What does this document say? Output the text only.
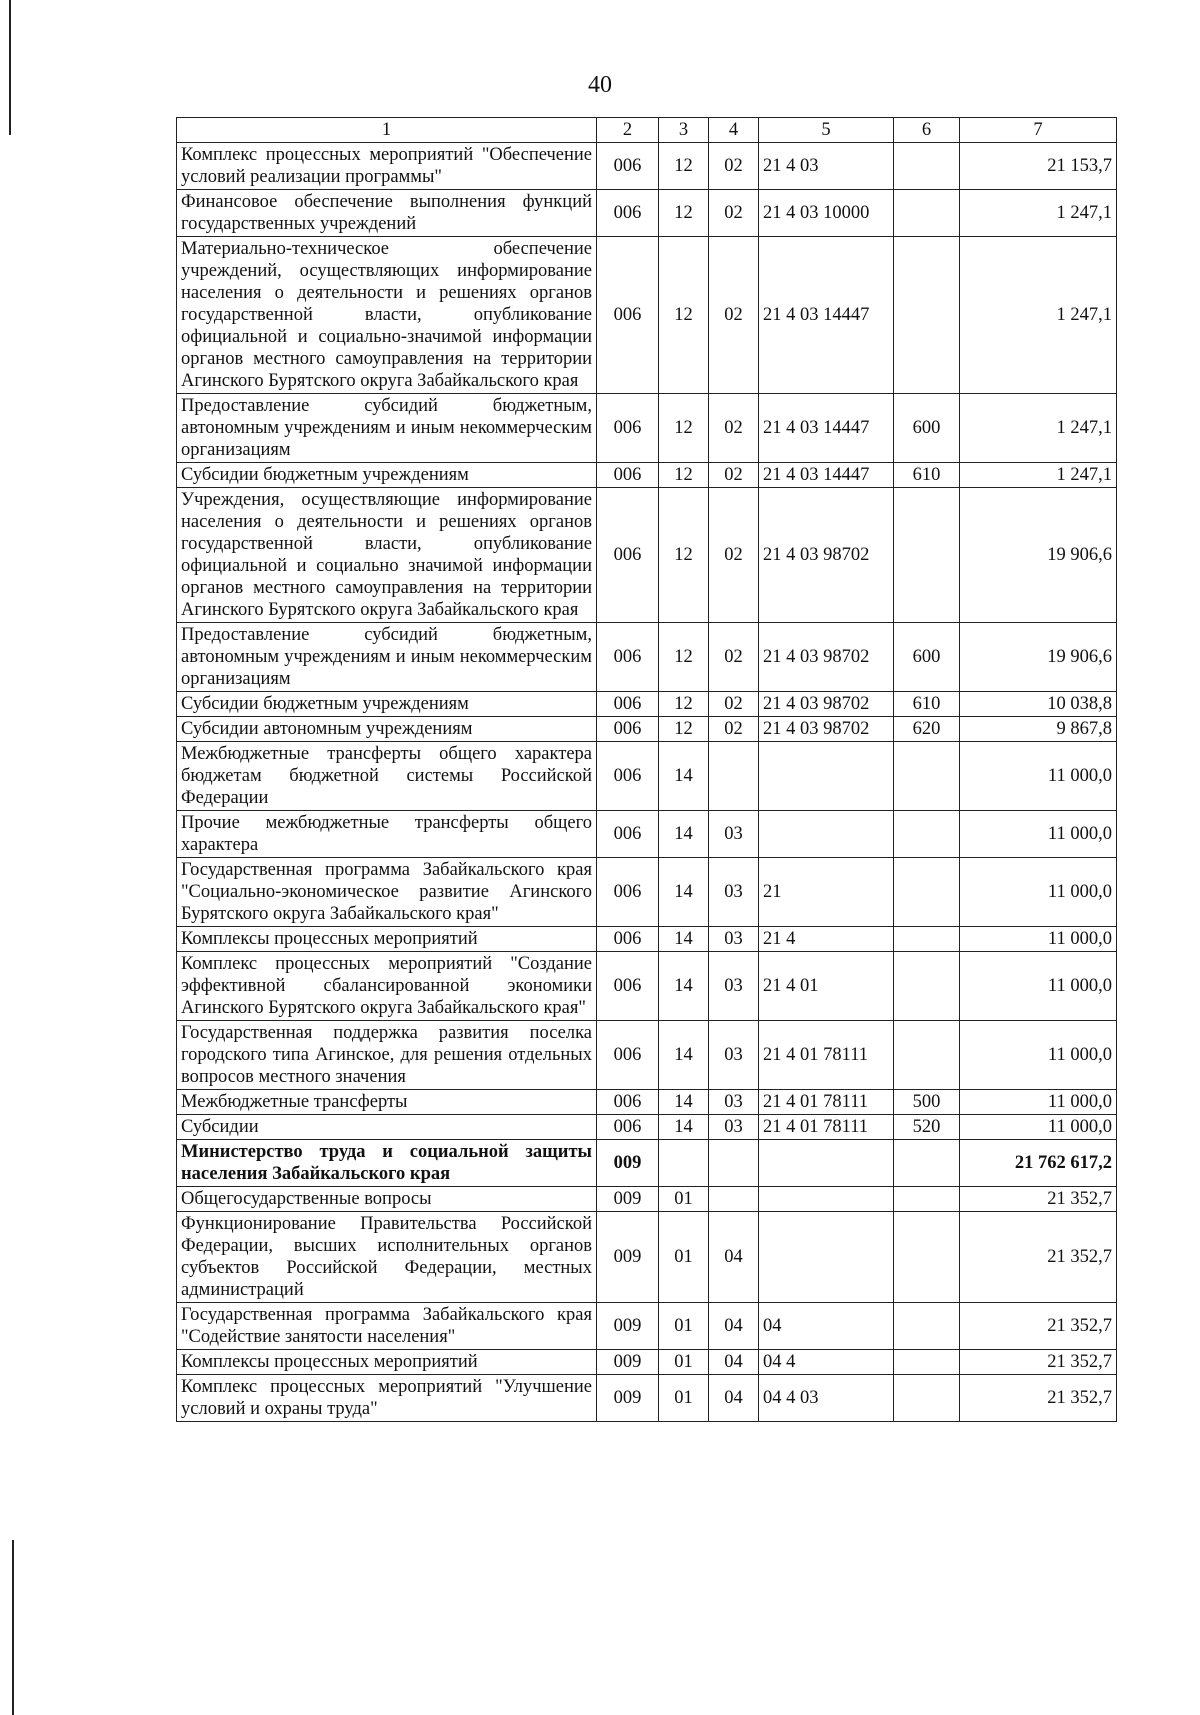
40
1	2	3	4	5	6	7
Комплекс процессных мероприятий "Обеспечение условий реализации программы"	006	12	02	21 4 03		21 153,7
Финансовое обеспечение выполнения функций государственных учреждений	006	12	02	21 4 03 10000		1 247,1
Материально-техническое обеспечение учреждений, осуществляющих информирование населения о деятельности и решениях органов государственной власти, опубликование официальной и социально-значимой информации органов местного самоуправления на территории Агинского Бурятского округа Забайкальского края	006	12	02	21 4 03 14447		1 247,1
Предоставление субсидий бюджетным, автономным учреждениям и иным некоммерческим организациям	006	12	02	21 4 03 14447	600	1 247,1
Субсидии бюджетным учреждениям	006	12	02	21 4 03 14447	610	1 247,1
Учреждения, осуществляющие информирование населения о деятельности и решениях органов государственной власти, опубликование официальной и социально значимой информации органов местного самоуправления на территории Агинского Бурятского округа Забайкальского края	006	12	02	21 4 03 98702		19 906,6
Предоставление субсидий бюджетным, автономным учреждениям и иным некоммерческим организациям	006	12	02	21 4 03 98702	600	19 906,6
Субсидии бюджетным учреждениям	006	12	02	21 4 03 98702	610	10 038,8
Субсидии автономным учреждениям	006	12	02	21 4 03 98702	620	9 867,8
Межбюджетные трансферты общего характера бюджетам бюджетной системы Российской Федерации	006	14				11 000,0
Прочие межбюджетные трансферты общего характера	006	14	03			11 000,0
Государственная программа Забайкальского края "Социально-экономическое развитие Агинского Бурятского округа Забайкальского края"	006	14	03	21		11 000,0
Комплексы процессных мероприятий	006	14	03	21 4		11 000,0
Комплекс процессных мероприятий "Создание эффективной сбалансированной экономики Агинского Бурятского округа Забайкальского края"	006	14	03	21 4 01		11 000,0
Государственная поддержка развития поселка городского типа Агинское, для решения отдельных вопросов местного значения	006	14	03	21 4 01 78111		11 000,0
Межбюджетные трансферты	006	14	03	21 4 01 78111	500	11 000,0
Субсидии	006	14	03	21 4 01 78111	520	11 000,0
Министерство труда и социальной защиты населения Забайкальского края	009					21 762 617,2
Общегосударственные вопросы	009	01				21 352,7
Функционирование Правительства Российской Федерации, высших исполнительных органов субъектов Российской Федерации, местных администраций	009	01	04			21 352,7
Государственная программа Забайкальского края "Содействие занятости населения"	009	01	04	04		21 352,7
Комплексы процессных мероприятий	009	01	04	04 4		21 352,7
Комплекс процессных мероприятий "Улучшение условий и охраны труда"	009	01	04	04 4 03		21 352,7
